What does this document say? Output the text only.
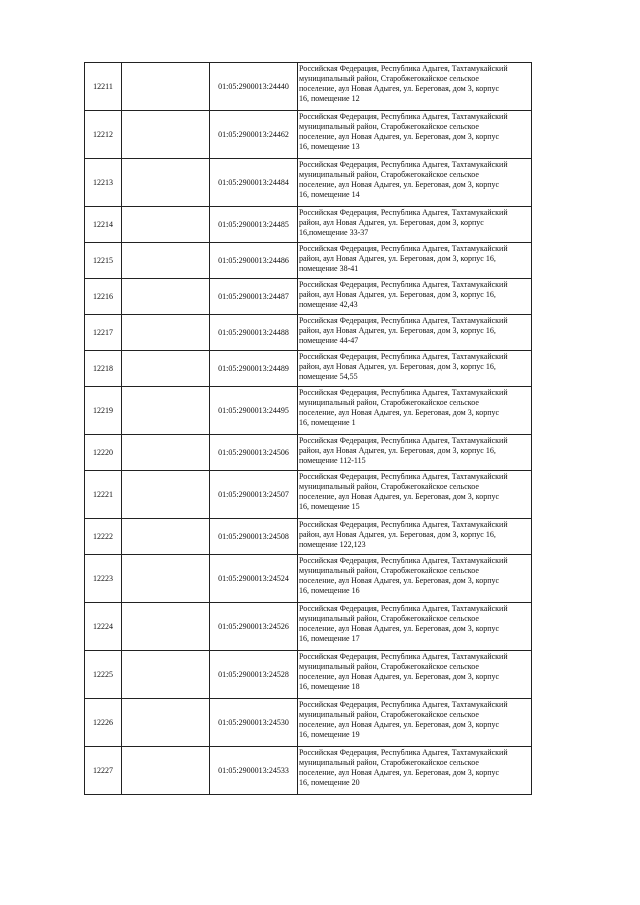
12211		01:05:2900013:24440	Российская Федерация, Республика Адыгея, Тахтамукайский
муниципальный район, Старобжегокайское сельское
поселение, аул Новая Адыгея, ул. Береговая, дом 3, корпус
16, помещение 12

12212		01:05:2900013:24462	Российская Федерация, Республика Адыгея, Тахтамукайский
муниципальный район, Старобжегокайское сельское
поселение, аул Новая Адыгея, ул. Береговая, дом 3, корпус
16, помещение 13

12213		01:05:2900013:24484	Российская Федерация, Республика Адыгея, Тахтамукайский
муниципальный район, Старобжегокайское сельское
поселение, аул Новая Адыгея, ул. Береговая, дом 3, корпус
16, помещение 14

12214		01:05:2900013:24485	Российская Федерация, Республика Адыгея, Тахтамукайский
район, аул Новая Адыгея, ул. Береговая, дом 3, корпус
16,помещение 33-37

12215		01:05:2900013:24486	Российская Федерация, Республика Адыгея, Тахтамукайский
район, аул Новая Адыгея, ул. Береговая, дом 3, корпус 16,
помещение 38-41

12216		01:05:2900013:24487	Российская Федерация, Республика Адыгея, Тахтамукайский
район, аул Новая Адыгея, ул. Береговая, дом 3, корпус 16,
помещение 42,43

12217		01:05:2900013:24488	Российская Федерация, Республика Адыгея, Тахтамукайский
район, аул Новая Адыгея, ул. Береговая, дом 3, корпус 16,
помещение 44-47

12218		01:05:2900013:24489	Российская Федерация, Республика Адыгея, Тахтамукайский
район, аул Новая Адыгея, ул. Береговая, дом 3, корпус 16,
помещение 54,55

12219		01:05:2900013:24495	Российская Федерация, Республика Адыгея, Тахтамукайский
муниципальный район, Старобжегокайское сельское
поселение, аул Новая Адыгея, ул. Береговая, дом 3, корпус
16, помещение 1

12220		01:05:2900013:24506	Российская Федерация, Республика Адыгея, Тахтамукайский
район, аул Новая Адыгея, ул. Береговая, дом 3, корпус 16,
помещение 112-115

12221		01:05:2900013:24507	Российская Федерация, Республика Адыгея, Тахтамукайский
муниципальный район, Старобжегокайское сельское
поселение, аул Новая Адыгея, ул. Береговая, дом 3, корпус
16, помещение 15

12222		01:05:2900013:24508	Российская Федерация, Республика Адыгея, Тахтамукайский
район, аул Новая Адыгея, ул. Береговая, дом 3, корпус 16,
помещение 122,123

12223		01:05:2900013:24524	Российская Федерация, Республика Адыгея, Тахтамукайский
муниципальный район, Старобжегокайское сельское
поселение, аул Новая Адыгея, ул. Береговая, дом 3, корпус
16, помещение 16

12224		01:05:2900013:24526	Российская Федерация, Республика Адыгея, Тахтамукайский
муниципальный район, Старобжегокайское сельское
поселение, аул Новая Адыгея, ул. Береговая, дом 3, корпус
16, помещение 17

12225		01:05:2900013:24528	Российская Федерация, Республика Адыгея, Тахтамукайский
муниципальный район, Старобжегокайское сельское
поселение, аул Новая Адыгея, ул. Береговая, дом 3, корпус
16, помещение 18

12226		01:05:2900013:24530	Российская Федерация, Республика Адыгея, Тахтамукайский
муниципальный район, Старобжегокайское сельское
поселение, аул Новая Адыгея, ул. Береговая, дом 3, корпус
16, помещение 19

12227		01:05:2900013:24533	Российская Федерация, Республика Адыгея, Тахтамукайский
муниципальный район, Старобжегокайское сельское
поселение, аул Новая Адыгея, ул. Береговая, дом 3, корпус
16, помещение 20
